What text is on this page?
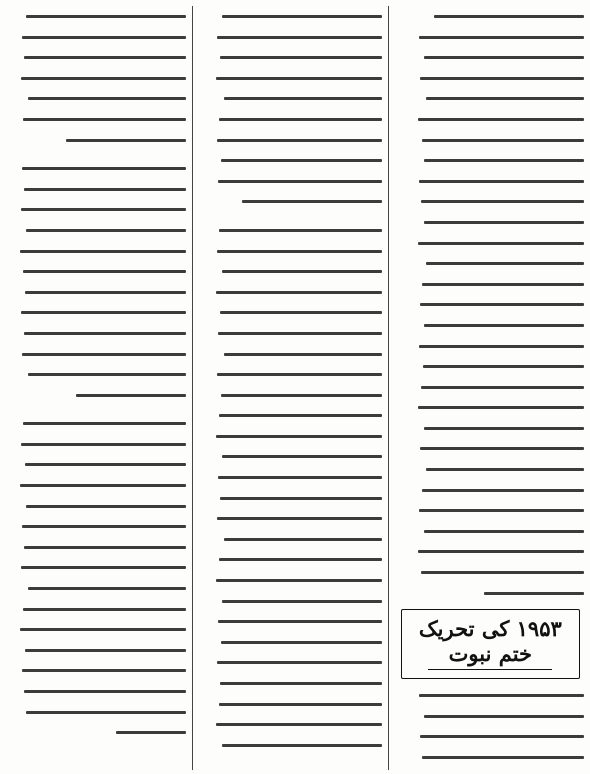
۱۹۵۳ کی تحریک ختم نبوت
